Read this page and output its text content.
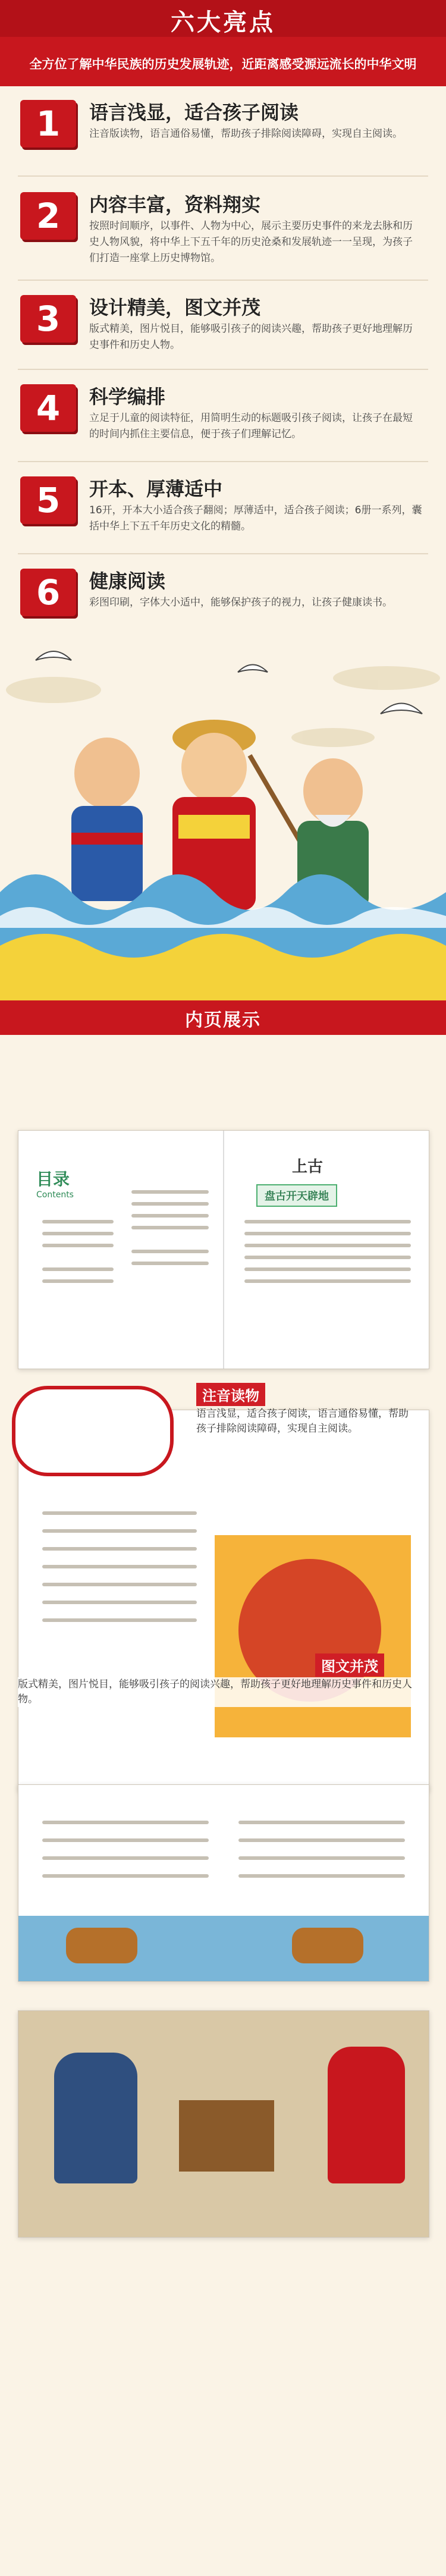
六大亮点
全方位了解中华民族的历史发展轨迹，近距离感受源远流长的中华文明
1	语言浅显，适合孩子阅读
注音版读物，语言通俗易懂，帮助孩子排除阅读障碍，实现自主阅读。
2	内容丰富，资料翔实
按照时间顺序，以事件、人物为中心，展示主要历史事件的来龙去脉和历史人物风貌，将中华上下五千年的历史沧桑和发展轨迹一一呈现，为孩子们打造一座掌上历史博物馆。
3	设计精美，图文并茂
版式精美，图片悦目，能够吸引孩子的阅读兴趣，帮助孩子更好地理解历史事件和历史人物。
4	科学编排
立足于儿童的阅读特征，用简明生动的标题吸引孩子阅读，让孩子在最短的时间内抓住主要信息，便于孩子们理解记忆。
5	开本、厚薄适中
16开，开本大小适合孩子翻阅；厚薄适中，适合孩子阅读；6册一系列，囊括中华上下五千年历史文化的精髓。
6	健康阅读
彩图印刷，字体大小适中，能够保护孩子的视力，让孩子健康读书。
内页展示
目录
Contents
上古
盘古开天辟地
注音读物
语言浅显，适合孩子阅读，语言通俗易懂，帮助孩子排除阅读障碍，实现自主阅读。
图文并茂
版式精美，图片悦目，能够吸引孩子的阅读兴趣，帮助孩子更好地理解历史事件和历史人物。
